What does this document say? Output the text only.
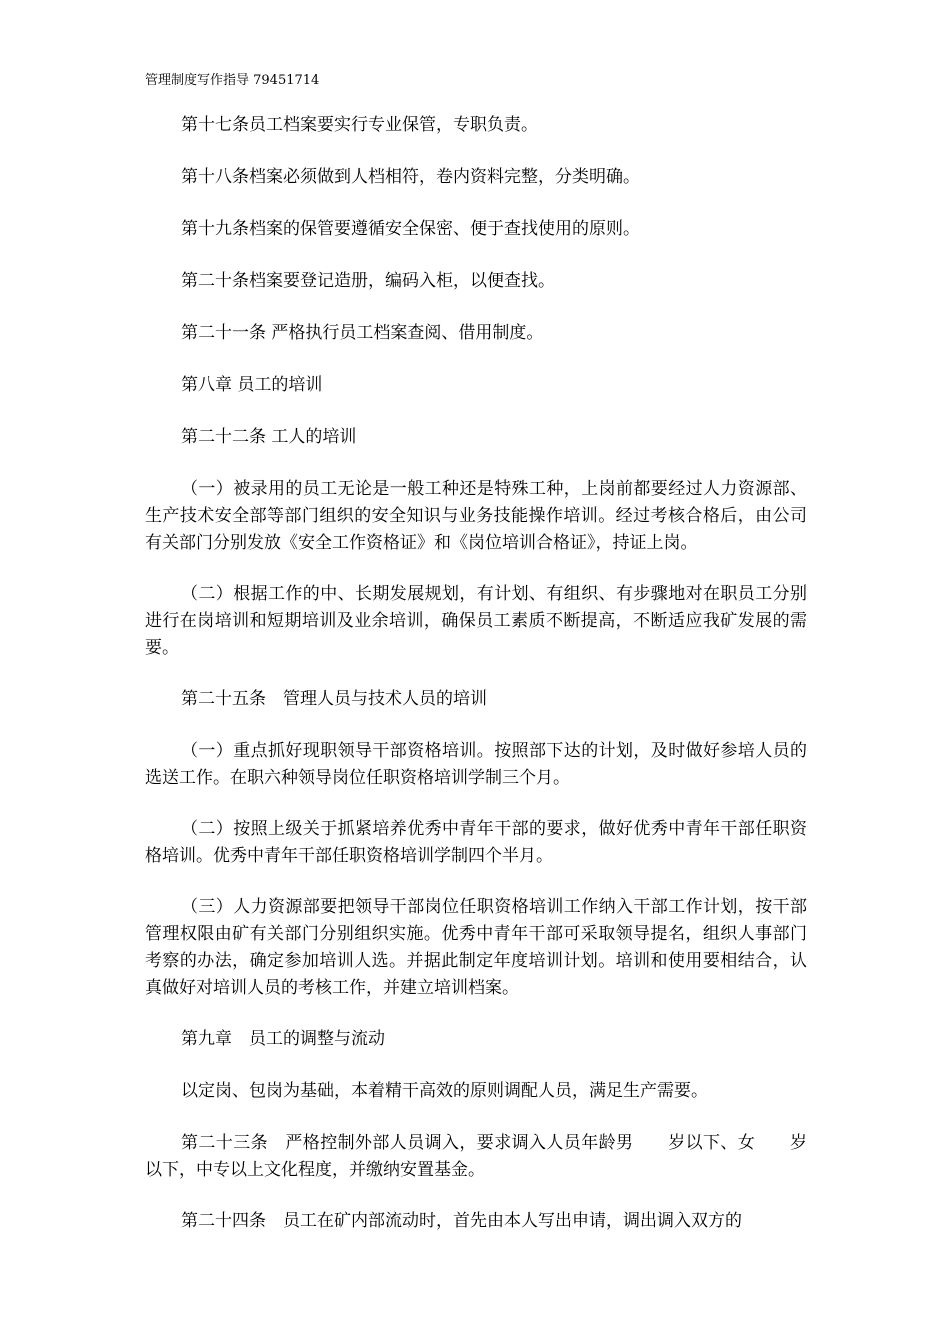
管理制度写作指导 79451714

第十七条员工档案要实行专业保管，专职负责。

第十八条档案必须做到人档相符，卷内资料完整，分类明确。

第十九条档案的保管要遵循安全保密、便于查找使用的原则。

第二十条档案要登记造册，编码入柜，以便查找。

第二十一条 严格执行员工档案查阅、借用制度。

第八章 员工的培训

第二十二条 工人的培训

（一）被录用的员工无论是一般工种还是特殊工种，上岗前都要经过人力资源部、生产技术安全部等部门组织的安全知识与业务技能操作培训。经过考核合格后，由公司有关部门分别发放《安全工作资格证》和《岗位培训合格证》，持证上岗。

（二）根据工作的中、长期发展规划，有计划、有组织、有步骤地对在职员工分别进行在岗培训和短期培训及业余培训，确保员工素质不断提高，不断适应我矿发展的需要。

第二十五条　管理人员与技术人员的培训

（一）重点抓好现职领导干部资格培训。按照部下达的计划，及时做好参培人员的选送工作。在职六种领导岗位任职资格培训学制三个月。

（二）按照上级关于抓紧培养优秀中青年干部的要求，做好优秀中青年干部任职资格培训。优秀中青年干部任职资格培训学制四个半月。

（三）人力资源部要把领导干部岗位任职资格培训工作纳入干部工作计划，按干部管理权限由矿有关部门分别组织实施。优秀中青年干部可采取领导提名，组织人事部门考察的办法，确定参加培训人选。并据此制定年度培训计划。培训和使用要相结合，认真做好对培训人员的考核工作，并建立培训档案。

第九章　员工的调整与流动

以定岗、包岗为基础，本着精干高效的原则调配人员，满足生产需要。

第二十三条　严格控制外部人员调入，要求调入人员年龄男　　岁以下、女　　岁以下，中专以上文化程度，并缴纳安置基金。

第二十四条　员工在矿内部流动时，首先由本人写出申请，调出调入双方的
